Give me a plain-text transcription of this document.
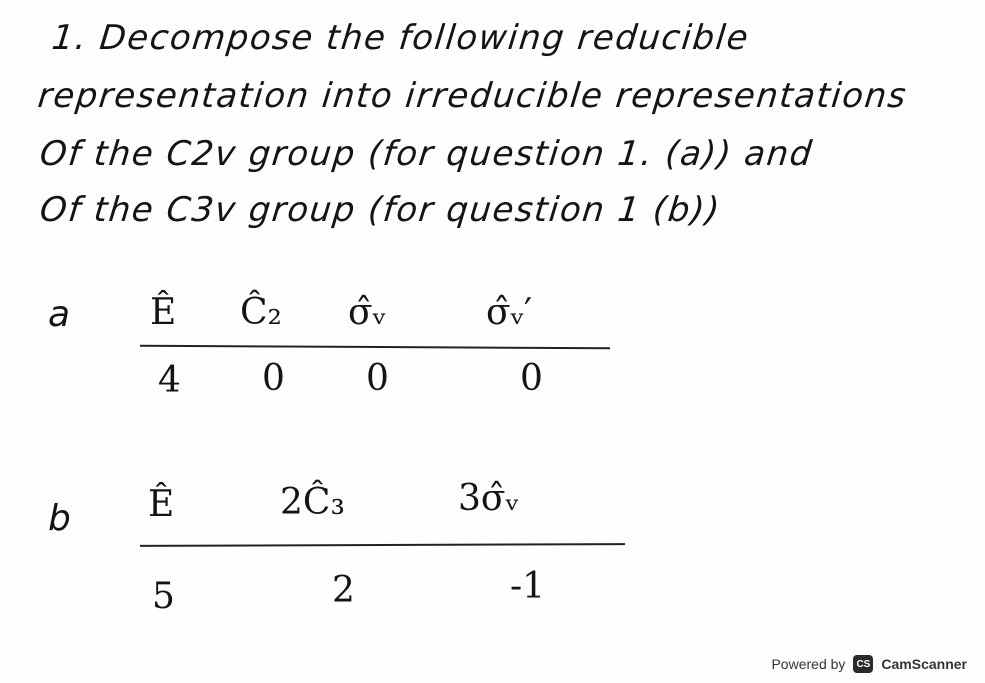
1. Decompose the following reducible
representation into irreducible representations
Of the C2v group (for question 1. (a)) and
Of the C3v group (for question 1 (b))
a Ê Ĉ₂ σ̂ᵥ	σ̂ᵥ′
4 0 0	0
b Ê	2Ĉ₃	3σ̂ᵥ
5	2	-1
Powered by	CS CamScanner
